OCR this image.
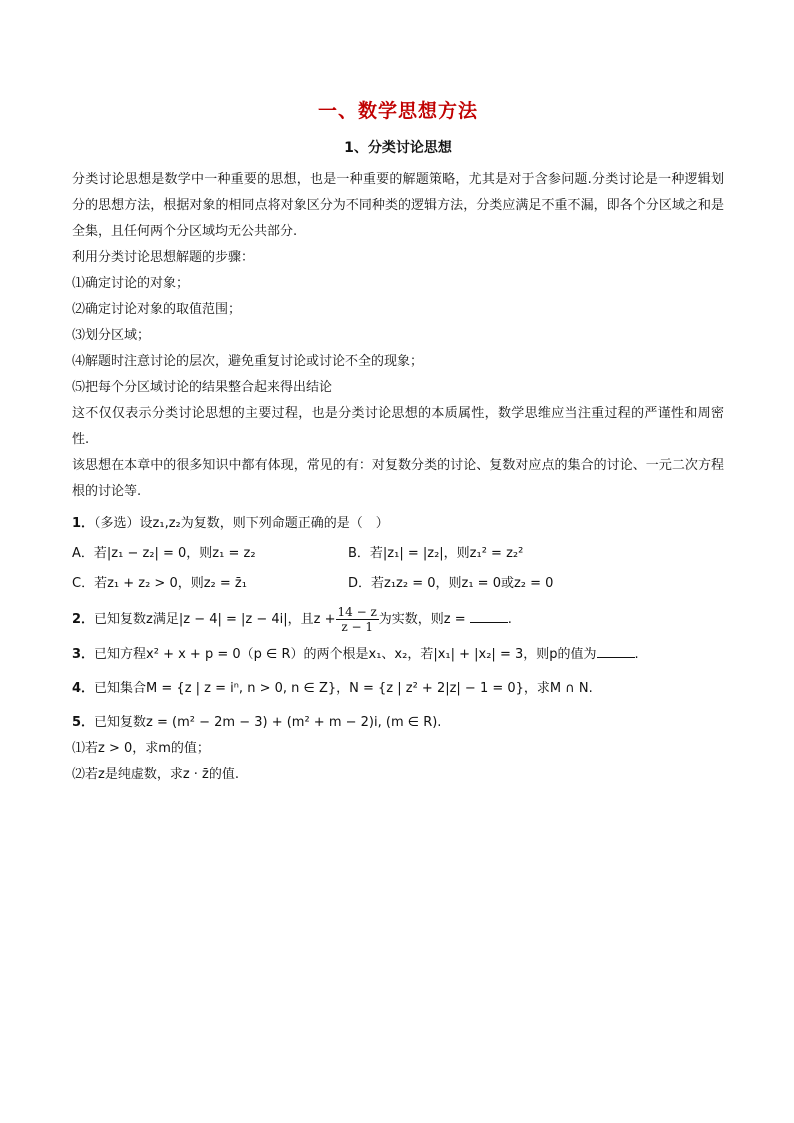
一、数学思想方法
1、分类讨论思想

分类讨论思想是数学中一种重要的思想，也是一种重要的解题策略，尤其是对于含参问题.分类讨论是一种逻辑划分的思想方法，根据对象的相同点将对象区分为不同种类的逻辑方法，分类应满足不重不漏，即各个分区域之和是全集，且任何两个分区域均无公共部分.

利用分类讨论思想解题的步骤：

⑴确定讨论的对象；

⑵确定讨论对象的取值范围；

⑶划分区域；

⑷解题时注意讨论的层次，避免重复讨论或讨论不全的现象；

⑸把每个分区域讨论的结果整合起来得出结论

这不仅仅表示分类讨论思想的主要过程，也是分类讨论思想的本质属性，数学思维应当注重过程的严谨性和周密性.

该思想在本章中的很多知识中都有体现，常见的有：对复数分类的讨论、复数对应点的集合的讨论、一元二次方程根的讨论等.

1．（多选）设z₁,z₂为复数，则下列命题正确的是（　）
A．若|z₁ − z₂| = 0，则z₁ = z₂	B．若|z₁| = |z₂|，则z₁² = z₂²
C．若z₁ + z₂ > 0，则z₂ = z̄₁	D．若z₁z₂ = 0，则z₁ = 0或z₂ = 0
2．已知复数z满足|z − 4| = |z − 4i|，且$z + \frac{14 - z}{z - 1}$ 为实数，则z =	.
3．已知方程x² + x + p = 0（p ∈ R）的两个根是x₁、x₂，若|x₁| + |x₂| = 3，则p的值为	.
4．已知集合M = {z | z = iⁿ, n > 0, n ∈ Z}，N = {z | z² + 2|z| − 1 = 0}，求M ∩ N.
5．已知复数z = (m² − 2m − 3) + (m² + m − 2)i, (m ∈ R).

⑴若z > 0，求m的值；

⑵若z是纯虚数，求z · z̄的值.
